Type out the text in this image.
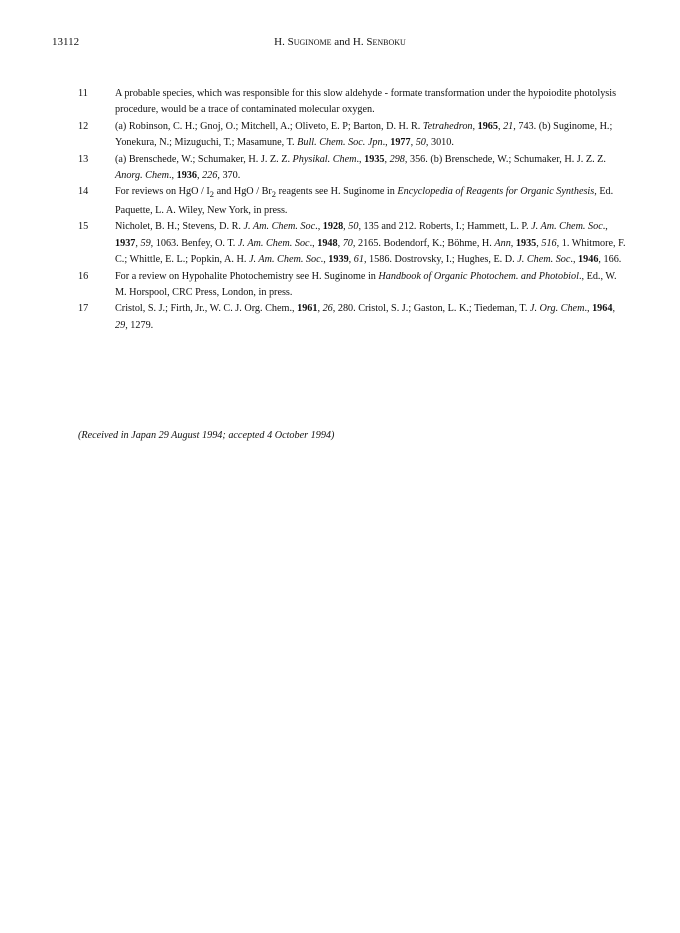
13112	H. Suginome and H. Senboku
11	A probable species, which was responsible for this slow aldehyde - formate transformation under the hypoiodite photolysis procedure, would be a trace of contaminated molecular oxygen.
12	(a) Robinson, C. H.; Gnoj, O.; Mitchell, A.; Oliveto, E. P; Barton, D. H. R. Tetrahedron, 1965, 21, 743. (b) Suginome, H.; Yonekura, N.; Mizuguchi, T.; Masamune, T. Bull. Chem. Soc. Jpn., 1977, 50, 3010.
13	(a) Brenschede, W.; Schumaker, H. J. Z. Z. Physikal. Chem., 1935, 298, 356. (b) Brenschede, W.; Schumaker, H. J. Z. Z. Anorg. Chem., 1936, 226, 370.
14	For reviews on HgO / $I_2$ and HgO / $Br_2$ reagents see H. Suginome in Encyclopedia of Reagents for Organic Synthesis, Ed. Paquette, L. A. Wiley, New York, in press.
15	Nicholet, B. H.; Stevens, D. R. J. Am. Chem. Soc., 1928, 50, 135 and 212. Roberts, I.; Hammett, L. P. J. Am. Chem. Soc., 1937, 59, 1063. Benfey, O. T. J. Am. Chem. Soc., 1948, 70, 2165. Bodendorf, K.; Böhme, H. Ann, 1935, 516, 1. Whitmore, F. C.; Whittle, E. L.; Popkin, A. H. J. Am. Chem. Soc., 1939, 61, 1586. Dostrovsky, I.; Hughes, E. D. J. Chem. Soc., 1946, 166.
16	For a review on Hypohalite Photochemistry see H. Suginome in Handbook of Organic Photochem. and Photobiol., Ed., W. M. Horspool, CRC Press, London, in press.
17	Cristol, S. J.; Firth, Jr., W. C. J. Org. Chem., 1961, 26, 280. Cristol, S. J.; Gaston, L. K.; Tiedeman, T. J. Org. Chem., 1964, 29, 1279.
(Received in Japan 29 August 1994; accepted 4 October 1994)
